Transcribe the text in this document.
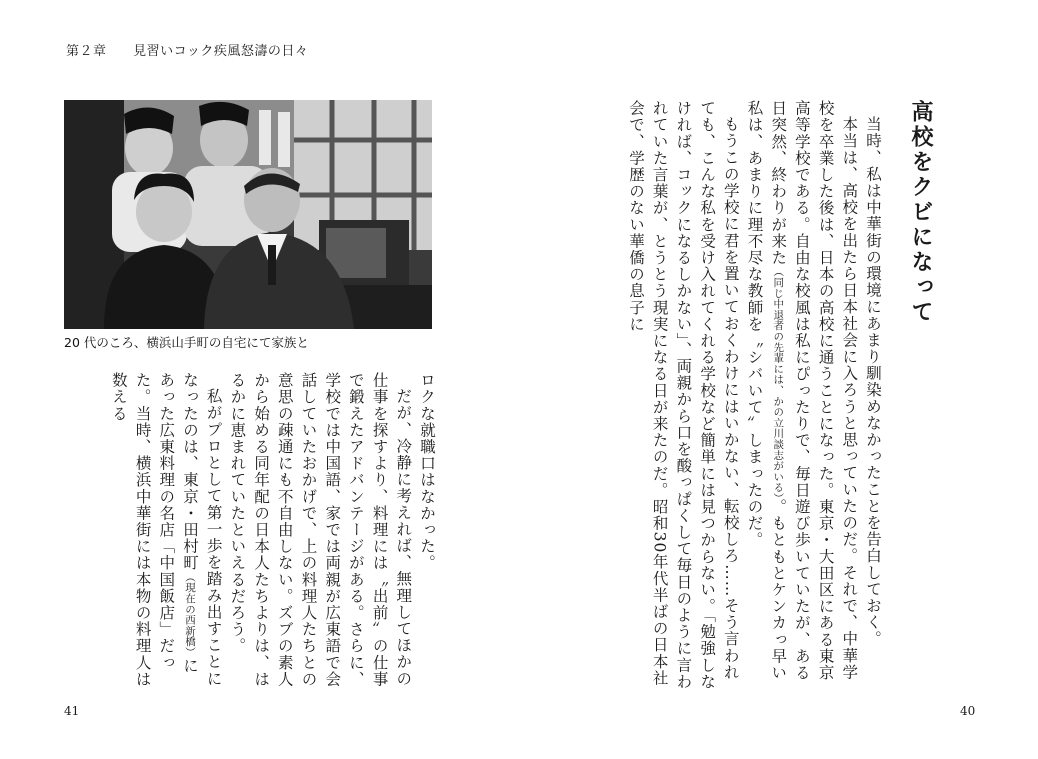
第２章 見習いコック疾風怒濤の日々
20 代のころ、横浜山手町の自宅にて家族と
高校をクビになって

当時、私は中華街の環境にあまり馴染めなかったことを告白しておく。

本当は、高校を出たら日本社会に入ろうと思っていたのだ。それで、中華学校を卒業した後は、日本の高校に通うことになった。東京・大田区にある東京高等学校である。自由な校風は私にぴったりで、毎日遊び歩いていたが、ある日突然、終わりが来た（同じ中退者の先輩には、かの立川談志がいる）。もともとケンカっ早い私は、あまりに理不尽な教師を〝シバいて〟しまったのだ。

もうこの学校に君を置いておくわけにはいかない、転校しろ……そう言われても、こんな私を受け入れてくれる学校など簡単には見つからない。「勉強しなければ、コックになるしかない」、両親から口を酸っぱくして毎日のように言われていた言葉が、とうとう現実になる日が来たのだ。昭和30年代半ばの日本社会で、学歴のない華僑の息子に

ロクな就職口はなかった。

だが、冷静に考えれば、無理してほかの仕事を探すより、料理には〝出前〟の仕事で鍛えたアドバンテージがある。さらに、学校では中国語、家では両親が広東語で会話していたおかげで、上の料理人たちとの意思の疎通にも不自由しない。ズブの素人から始める同年配の日本人たちよりは、はるかに恵まれていたといえるだろう。

私がプロとして第一歩を踏み出すことになったのは、東京・田村町（現在の西新橋）にあった広東料理の名店「中国飯店」だった。当時、横浜中華街には本物の料理人は数える

41	40
